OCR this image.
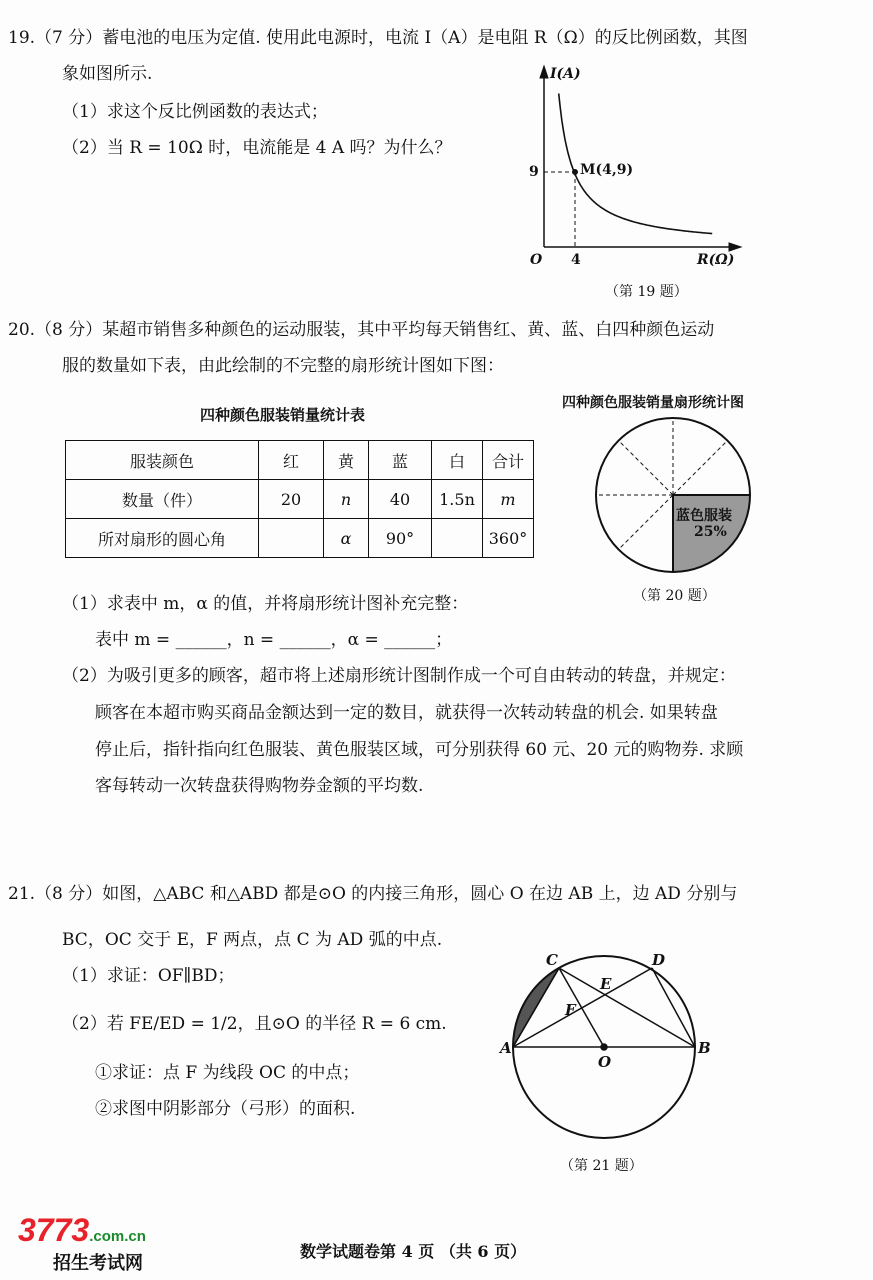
19.（7 分）蓄电池的电压为定值. 使用此电源时，电流 I（A）是电阻 R（Ω）的反比例函数，其图
象如图所示.
（1）求这个反比例函数的表达式；
（2）当 R = 10Ω 时，电流能是 4 A 吗？为什么？
I(A)
9	M(4,9)
O 4	R(Ω)
（第 19 题）
20.（8 分）某超市销售多种颜色的运动服装，其中平均每天销售红、黄、蓝、白四种颜色运动
服的数量如下表，由此绘制的不完整的扇形统计图如下图：
四种颜色服装销量统计表
四种颜色服装销量扇形统计图
蓝色服装
25%
（第 20 题）
服装颜色	红	黄	蓝	白	合计
数量（件）	20	n	40	1.5n	m
所对扇形的圆心角		α	90°		360°
（1）求表中 m，α 的值，并将扇形统计图补充完整：
表中 m = ______，n = ______，α = ______；
（2）为吸引更多的顾客，超市将上述扇形统计图制作成一个可自由转动的转盘，并规定：
顾客在本超市购买商品金额达到一定的数目，就获得一次转动转盘的机会. 如果转盘
停止后，指针指向红色服装、黄色服装区域，可分别获得 60 元、20 元的购物券. 求顾
客每转动一次转盘获得购物券金额的平均数.
21.（8 分）如图，△ABC 和△ABD 都是⊙O 的内接三角形，圆心 O 在边 AB 上，边 AD 分别与
BC，OC 交于 E，F 两点，点 C 为 AD 弧的中点.
（1）求证：OF∥BD；
（2）若 FE/ED = 1/2，且⊙O 的半径 R = 6 cm.
①求证：点 F 为线段 OC 的中点；
②求图中阴影部分（弓形）的面积.
C	D
E
F
A	B
O
（第 21 题）
3773.com.cn
招生考试网
数学试题卷第 4 页 （共 6 页）
